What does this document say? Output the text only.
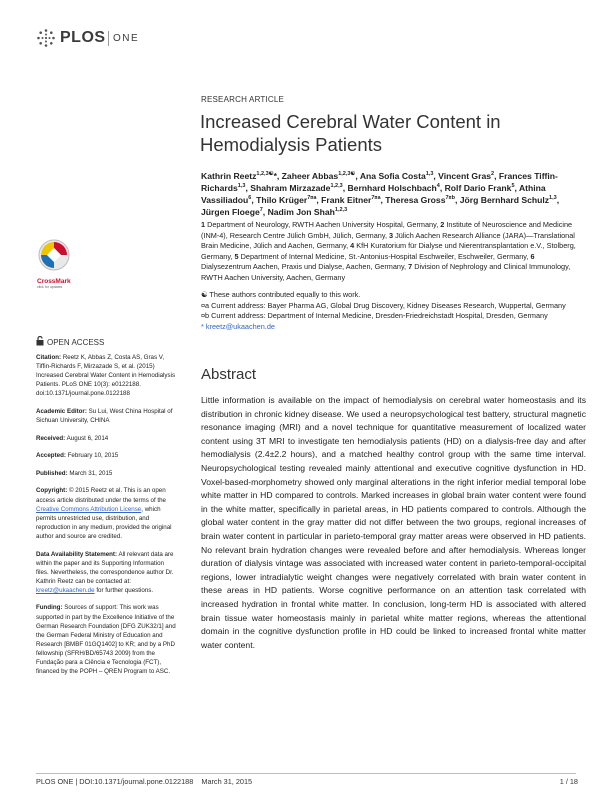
PLOS ONE
RESEARCH ARTICLE
Increased Cerebral Water Content in Hemodialysis Patients
Kathrin Reetz$^{1,2,3☯}$*, Zaheer Abbas$^{1,2,3☯}$, Ana Sofia Costa$^{1,3}$, Vincent Gras$^2$, Frances Tiffin-Richards$^{1,3}$, Shahram Mirzazade$^{1,2,3}$, Bernhard Holschbach$^4$, Rolf Dario Frank$^5$, Athina Vassiliadou$^6$, Thilo Krüger$^{7¤a}$, Frank Eitner$^{7¤a}$, Theresa Gross$^{7¤b}$, Jörg Bernhard Schulz$^{1,3}$, Jürgen Floege$^7$, Nadim Jon Shah$^{1,2,3}$
1 Department of Neurology, RWTH Aachen University Hospital, Germany, 2 Institute of Neuroscience and Medicine (INM-4), Research Centre Jülich GmbH, Jülich, Germany, 3 Jülich Aachen Research Alliance (JARA)—Translational Brain Medicine, Jülich and Aachen, Germany, 4 KfH Kuratorium für Dialyse und Nierentransplantation e.V., Stolberg, Germany, 5 Department of Internal Medicine, St.-Antonius-Hospital Eschweiler, Eschweiler, Germany, 6 Dialysezentrum Aachen, Praxis und Dialyse, Aachen, Germany, 7 Division of Nephrology and Clinical Immunology, RWTH Aachen University, Aachen, Germany
☯ These authors contributed equally to this work.
¤a Current address: Bayer Pharma AG, Global Drug Discovery, Kidney Diseases Research, Wuppertal, Germany
¤b Current address: Department of Internal Medicine, Dresden-Friedreichstadt Hospital, Dresden, Germany
* kreetz@ukaachen.de
Abstract
Little information is available on the impact of hemodialysis on cerebral water homeostasis and its distribution in chronic kidney disease. We used a neuropsychological test battery, structural magnetic resonance imaging (MRI) and a novel technique for quantitative measurement of localized water content using 3T MRI to investigate ten hemodialysis patients (HD) on a dialysis-free day and after hemodialysis (2.4±2.2 hours), and a matched healthy control group with the same time interval. Neuropsychological testing revealed mainly attentional and executive cognitive dysfunction in HD. Voxel-based-morphometry showed only marginal alterations in the right inferior medial temporal lobe white matter in HD compared to controls. Marked increases in global brain water content were found in the white matter, specifically in parietal areas, in HD patients compared to controls. Although the global water content in the gray matter did not differ between the two groups, regional increases of brain water content in particular in parieto-temporal gray matter areas were observed in HD patients. No relevant brain hydration changes were revealed before and after hemodialysis. Whereas longer duration of dialysis vintage was associated with increased water content in parieto-temporal-occipital regions, lower intradialytic weight changes were negatively correlated with brain water content in these areas in HD patients. Worse cognitive performance on an attention task correlated with increased hydration in frontal white matter. In conclusion, long-term HD is associated with altered brain tissue water homeostasis mainly in parietal white matter regions, whereas the attentional domain in the cognitive dysfunction profile in HD could be linked to increased frontal white matter water content.
CrossMark
click for updates
OPEN ACCESS

Citation: Reetz K, Abbas Z, Costa AS, Gras V, Tiffin-Richards F, Mirzazade S, et al. (2015) Increased Cerebral Water Content in Hemodialysis Patients. PLoS ONE 10(3): e0122188. doi:10.1371/journal.pone.0122188

Academic Editor: Su Lui, West China Hospital of Sichuan University, CHINA

Received: August 6, 2014

Accepted: February 10, 2015

Published: March 31, 2015

Copyright: © 2015 Reetz et al. This is an open access article distributed under the terms of the Creative Commons Attribution License, which permits unrestricted use, distribution, and reproduction in any medium, provided the original author and source are credited.

Data Availability Statement: All relevant data are within the paper and its Supporting Information files. Nevertheless, the correspondence author Dr. Kathrin Reetz can be contacted at: kreetz@ukaachen.de for further questions.

Funding: Sources of support: This work was supported in part by the Excellence Initiative of the German Research Foundation [DFG ZUK32/1] and the German Federal Ministry of Education and Research [BMBF 01GQ1402] to KR; and by a PhD fellowship (SFRH/BD/65743 2009) from the Fundação para a Ciência e Tecnologia (FCT), financed by the POPH – QREN Program to ASC.

PLOS ONE | DOI:10.1371/journal.pone.0122188    March 31, 2015	1 / 18
